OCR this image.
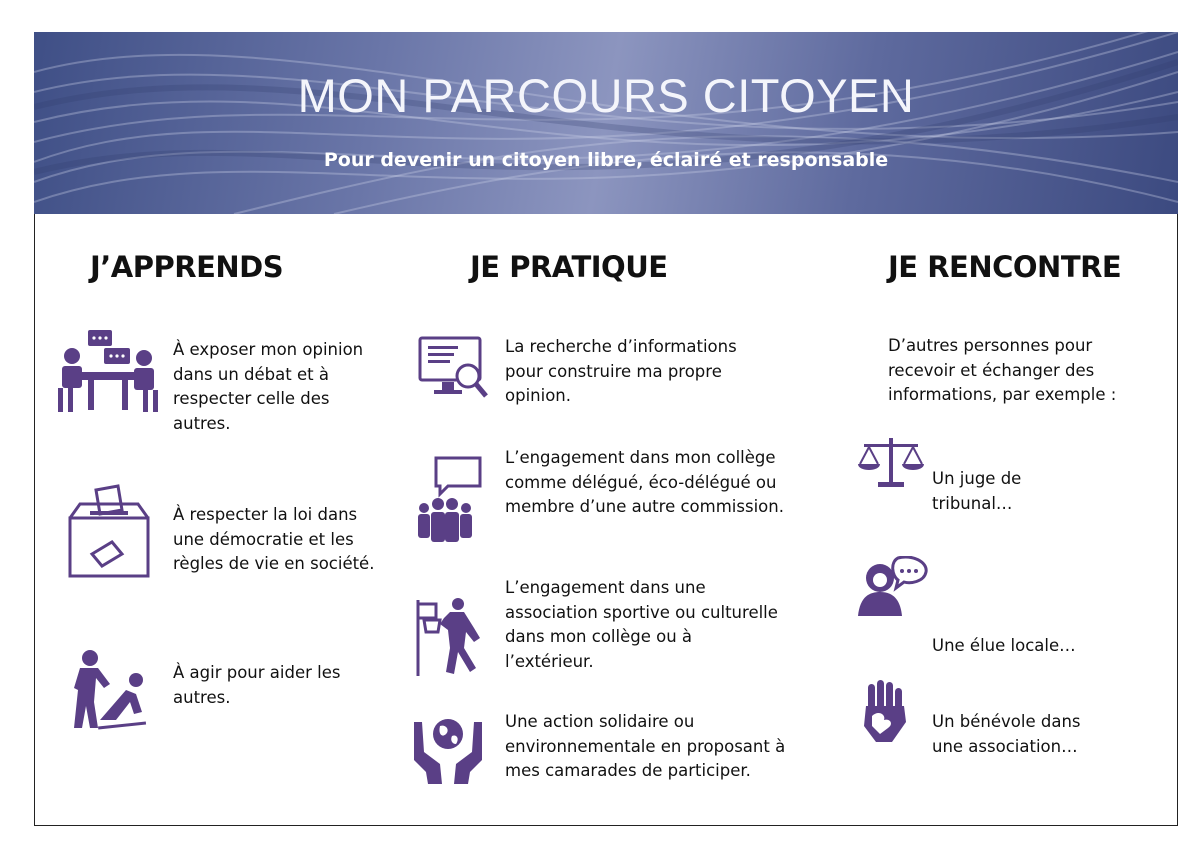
MON PARCOURS CITOYEN
Pour devenir un citoyen libre, éclairé et responsable
J’APPRENDS	JE PRATIQUE	JE RENCONTRE
À exposer mon opinion dans un débat et à respecter celle des autres.
À respecter la loi dans une démocratie et les règles de vie en société.
À agir pour aider les autres.
La recherche d’informations pour construire ma propre opinion.
L’engagement dans mon collège comme délégué, éco-délégué ou membre d’une autre commission.
L’engagement dans une association sportive ou culturelle dans mon collège ou à l’extérieur.
Une action solidaire ou environnementale en proposant à mes camarades de participer.
D’autres personnes pour recevoir et échanger des informations, par exemple :
Un juge de tribunal…
Une élue locale…
Un bénévole dans une association…
